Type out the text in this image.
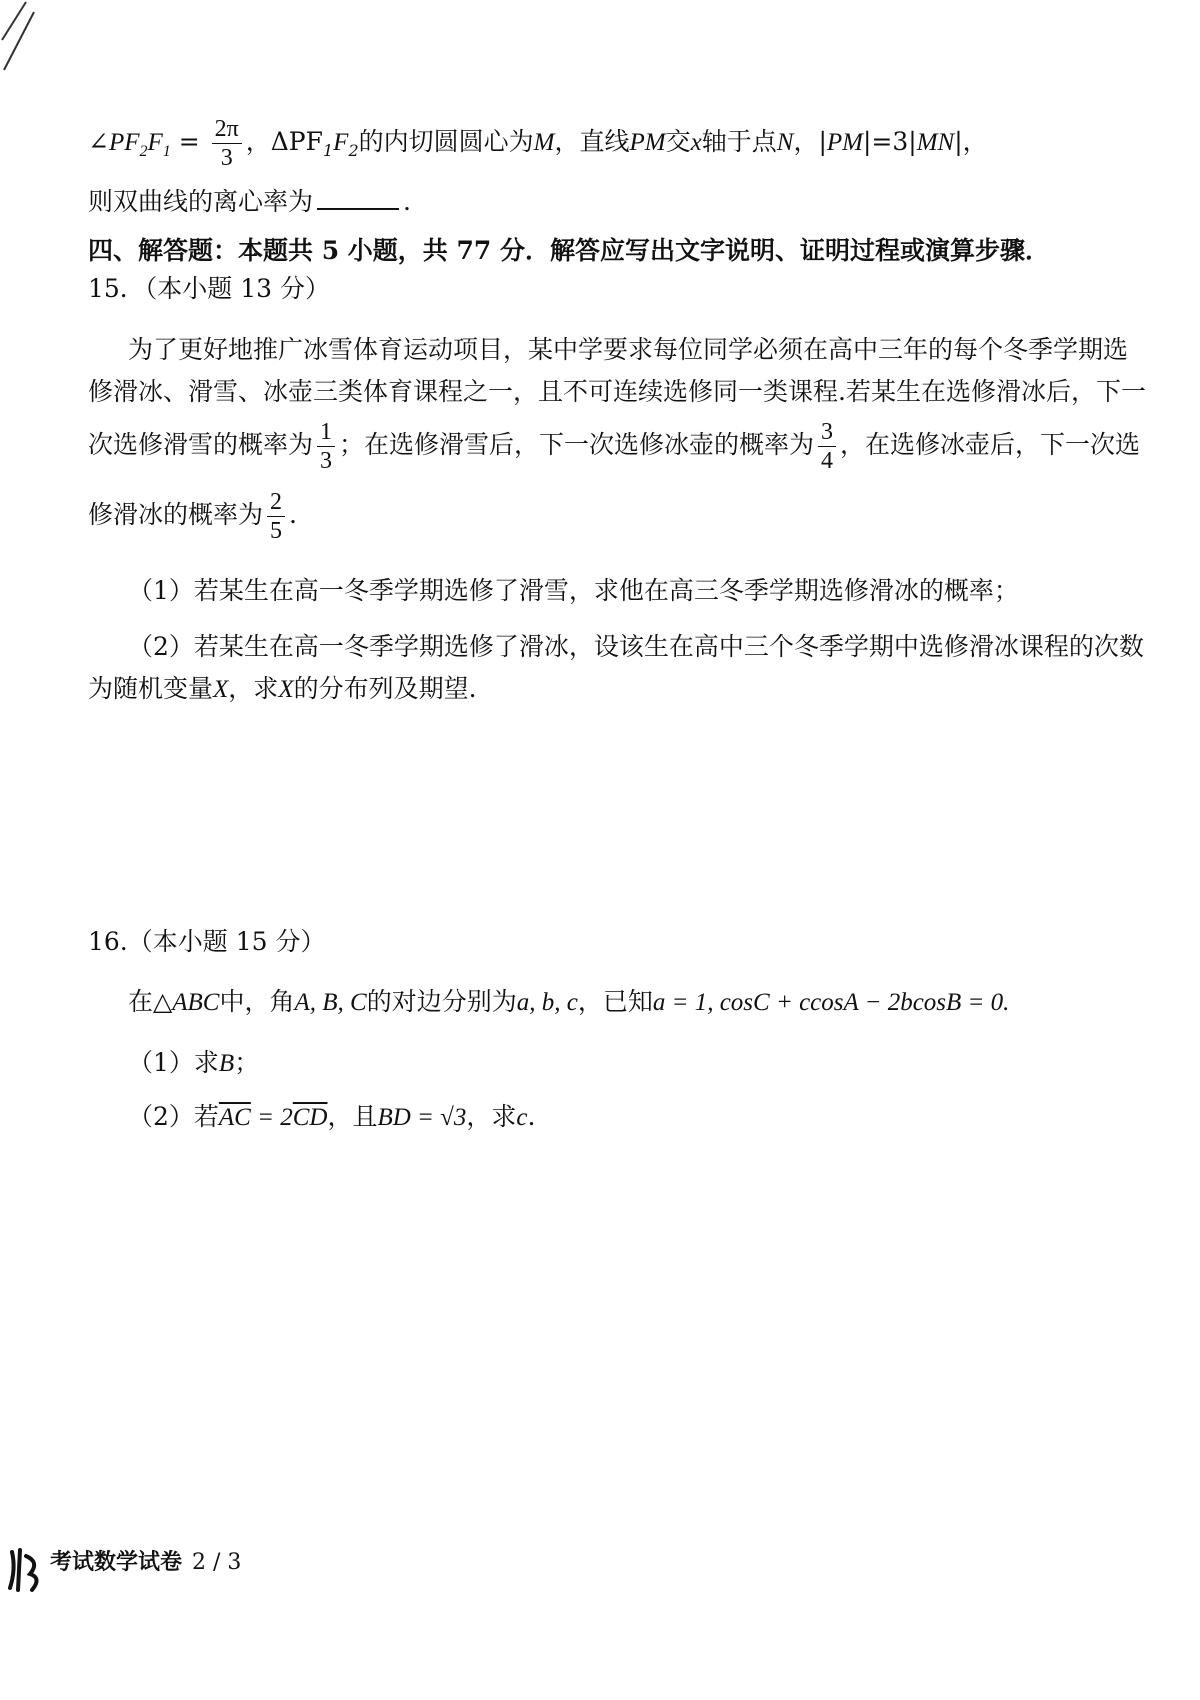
$\angle PF_2F_1 = \frac{2\pi}{3}$ ，$\Delta PF_1F_2$的内切圆圆心为M，直线PM交x轴于点N，|PM|=3|MN|，
则双曲线的离心率为	.
四、解答题：本题共 5 小题，共 77 分．解答应写出文字说明、证明过程或演算步骤．
15．（本小题 13 分）
为了更好地推广冰雪体育运动项目，某中学要求每位同学必须在高中三年的每个冬季学期选
修滑冰、滑雪、冰壶三类体育课程之一，且不可连续选修同一类课程.若某生在选修滑冰后，下一
次选修滑雪的概率为 $\frac{1}{3}$ ；在选修滑雪后，下一次选修冰壶的概率为 $\frac{3}{4}$ ，在选修冰壶后，下一次选
修滑冰的概率为 $\frac{2}{5}$ .
（1）若某生在高一冬季学期选修了滑雪，求他在高三冬季学期选修滑冰的概率；
（2）若某生在高一冬季学期选修了滑冰，设该生在高中三个冬季学期中选修滑冰课程的次数
为随机变量X，求X的分布列及期望.
16.（本小题 15 分）
在△ABC中，角A, B, C的对边分别为a, b, c，已知a = 1, cosC + ccosA − 2bcosB = 0.
（1）求B；
（2）若$\overline{AC} = 2\overline{CD}$，且BD = √3，求c.
考试数学试卷 2 / 3
